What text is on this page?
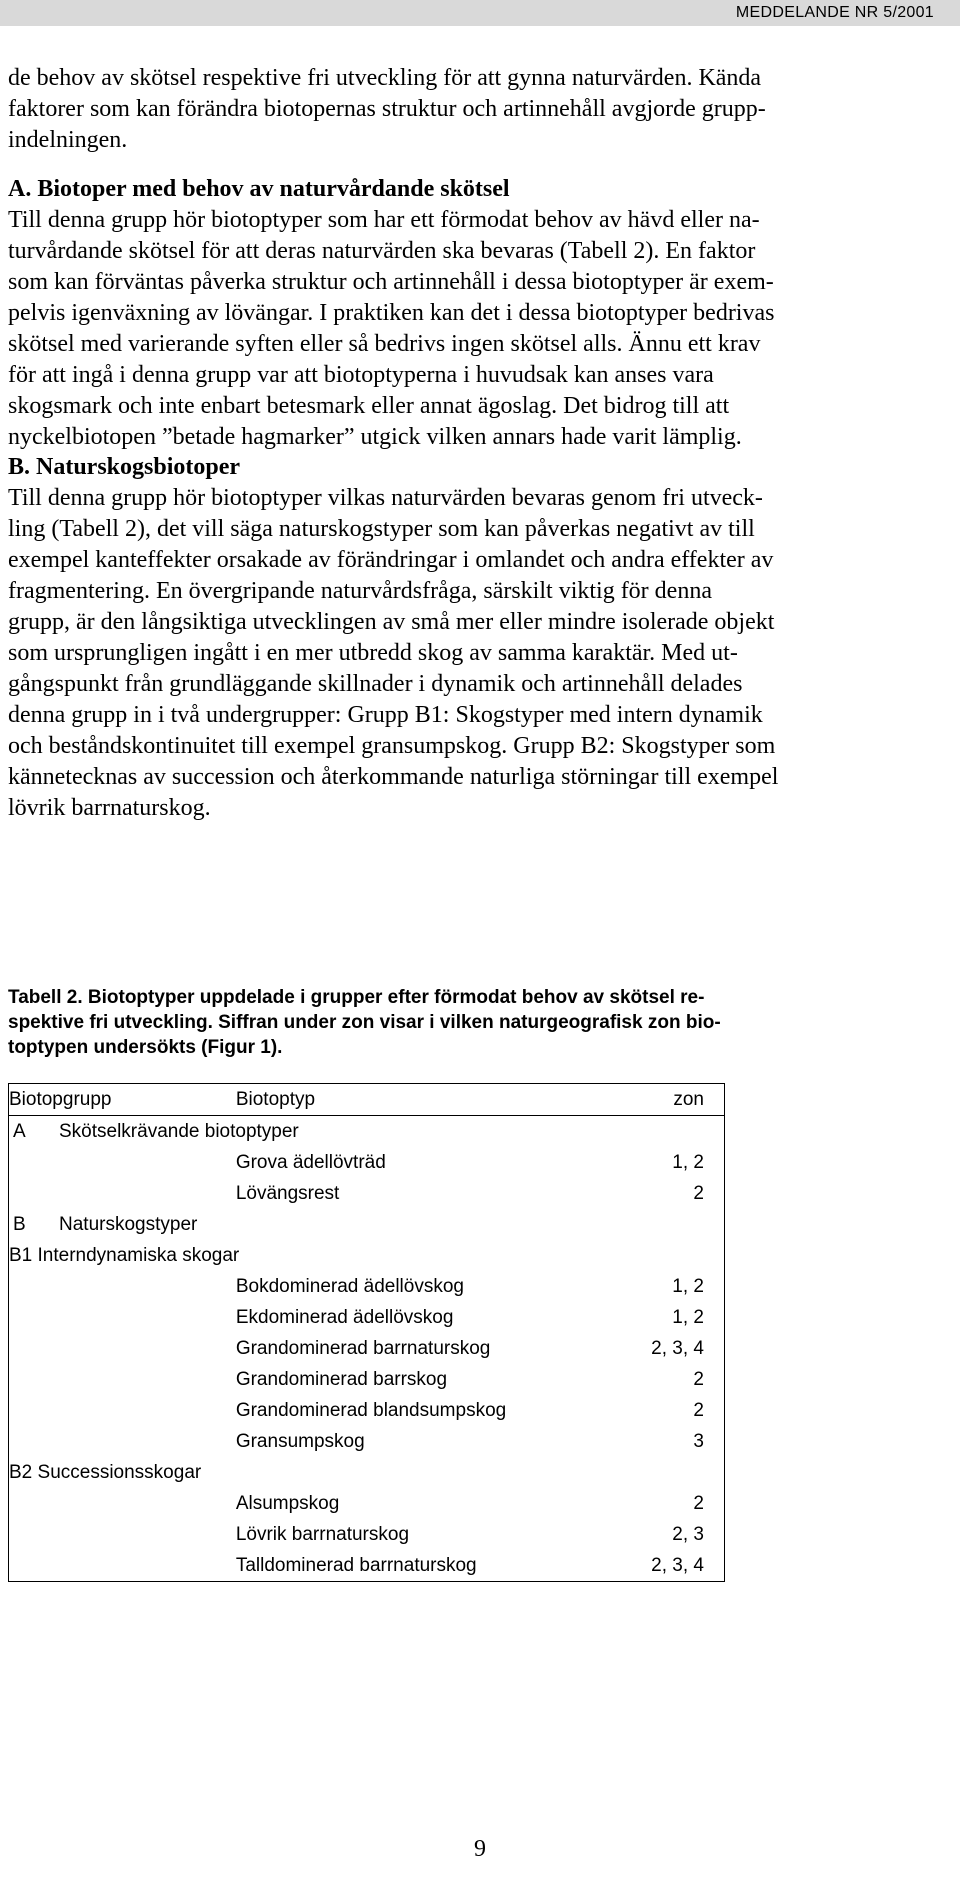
MEDDELANDE NR 5/2001
de behov av skötsel respektive fri utveckling för att gynna naturvärden. Kända
faktorer som kan förändra biotopernas struktur och artinnehåll avgjorde grupp-
indelningen.
A. Biotoper med behov av naturvårdande skötsel
Till denna grupp hör biotoptyper som har ett förmodat behov av hävd eller na-
turvårdande skötsel för att deras naturvärden ska bevaras (Tabell 2). En faktor
som kan förväntas påverka struktur och artinnehåll i dessa biotoptyper är exem-
pelvis igenväxning av lövängar. I praktiken kan det i dessa biotoptyper bedrivas
skötsel med varierande syften eller så bedrivs ingen skötsel alls. Ännu ett krav
för att ingå i denna grupp var att biotoptyperna i huvudsak kan anses vara
skogsmark och inte enbart betesmark eller annat ägoslag. Det bidrog till att
nyckelbiotopen ”betade hagmarker” utgick vilken annars hade varit lämplig.
B. Naturskogsbiotoper
Till denna grupp hör biotoptyper vilkas naturvärden bevaras genom fri utveck-
ling (Tabell 2), det vill säga naturskogstyper som kan påverkas negativt av till
exempel kanteffekter orsakade av förändringar i omlandet och andra effekter av
fragmentering. En övergripande naturvårdsfråga, särskilt viktig för denna
grupp, är den långsiktiga utvecklingen av små mer eller mindre isolerade objekt
som ursprungligen ingått i en mer utbredd skog av samma karaktär. Med ut-
gångspunkt från grundläggande skillnader i dynamik och artinnehåll delades
denna grupp in i två undergrupper: Grupp B1: Skogstyper med intern dynamik
och beståndskontinuitet till exempel gransumpskog. Grupp B2: Skogstyper som
kännetecknas av succession och återkommande naturliga störningar till exempel
lövrik barrnaturskog.
Tabell 2. Biotoptyper uppdelade i grupper efter förmodat behov av skötsel re-
spektive fri utveckling. Siffran under zon visar i vilken naturgeografisk zon bio-
toptypen undersökts (Figur 1).
Biotopgrupp	Biotoptyp	zon
A Skötselkrävande biotoptyper		
	Grova ädellövträd	1, 2
	Lövängsrest	2
B Naturskogstyper		
B1 Interndynamiska skogar		
	Bokdominerad ädellövskog	1, 2
	Ekdominerad ädellövskog	1, 2
	Grandominerad barrnaturskog	2, 3, 4
	Grandominerad barrskog	2
	Grandominerad blandsumpskog	2
	Gransumpskog	3
B2 Successionsskogar		
	Alsumpskog	2
	Lövrik barrnaturskog	2, 3
	Talldominerad barrnaturskog	2, 3, 4
9
